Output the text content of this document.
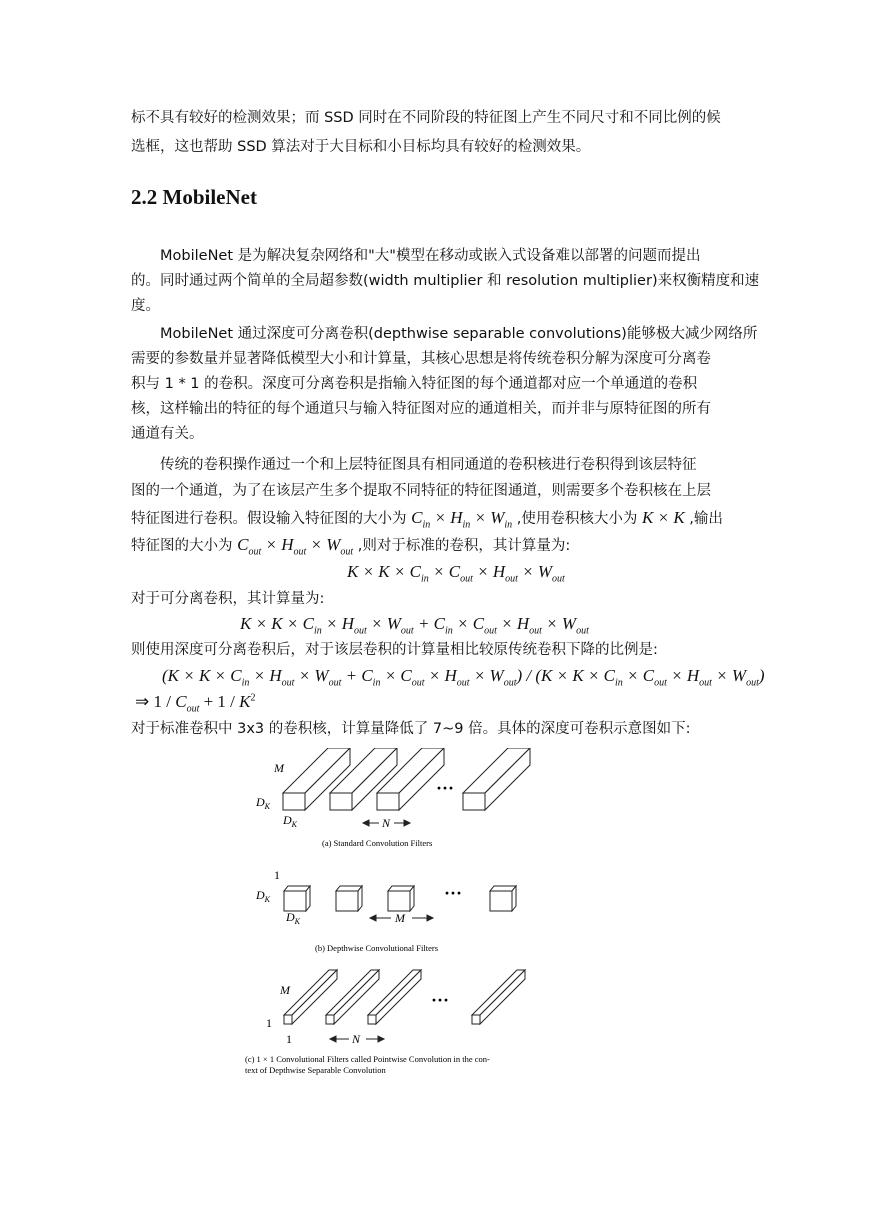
标不具有较好的检测效果；而 SSD 同时在不同阶段的特征图上产生不同尺寸和不同比例的候
选框，这也帮助 SSD 算法对于大目标和小目标均具有较好的检测效果。
2.2 MobileNet
MobileNet 是为解决复杂网络和"大"模型在移动或嵌入式设备难以部署的问题而提出
的。同时通过两个简单的全局超参数(width multiplier 和 resolution multiplier)来权衡精度和速
度。
MobileNet 通过深度可分离卷积(depthwise separable convolutions)能够极大减少网络所
需要的参数量并显著降低模型大小和计算量，其核心思想是将传统卷积分解为深度可分离卷
积与 1 * 1 的卷积。深度可分离卷积是指输入特征图的每个通道都对应一个单通道的卷积
核，这样输出的特征的每个通道只与输入特征图对应的通道相关，而并非与原特征图的所有
通道有关。
传统的卷积操作通过一个和上层特征图具有相同通道的卷积核进行卷积得到该层特征
图的一个通道，为了在该层产生多个提取不同特征的特征图通道，则需要多个卷积核在上层
特征图进行卷积。假设输入特征图的大小为 $C_{in} \times H_{in} \times W_{in}$ ,使用卷积核大小为 K × K ,输出
特征图的大小为 $C_{out} \times H_{out} \times W_{out}$ ,则对于标准的卷积，其计算量为:
$K \times K \times C_{in} \times C_{out} \times H_{out} \times W_{out}$
对于可分离卷积，其计算量为:
$K \times K \times C_{in} \times H_{out} \times W_{out} + C_{in} \times C_{out} \times H_{out} \times W_{out}$
则使用深度可分离卷积后，对于该层卷积的计算量相比较原传统卷积下降的比例是:
$(K \times K \times C_{in} \times H_{out} \times W_{out} + C_{in} \times C_{out} \times H_{out} \times W_{out}) / (K \times K \times C_{in} \times C_{out} \times H_{out} \times W_{out})$
⇒ $1 / C_{out} + 1 / K^2$
对于标准卷积中 3x3 的卷积核，计算量降低了 7~9 倍。具体的深度可卷积示意图如下:
M
$D_K$
$D_K$	N
···
(a) Standard Convolution Filters
1
$D_K$
$D_K$	M
···
(b) Depthwise Convolutional Filters
M
1
1	N
···
(c) 1 × 1 Convolutional Filters called Pointwise Convolution in the con-
text of Depthwise Separable Convolution
